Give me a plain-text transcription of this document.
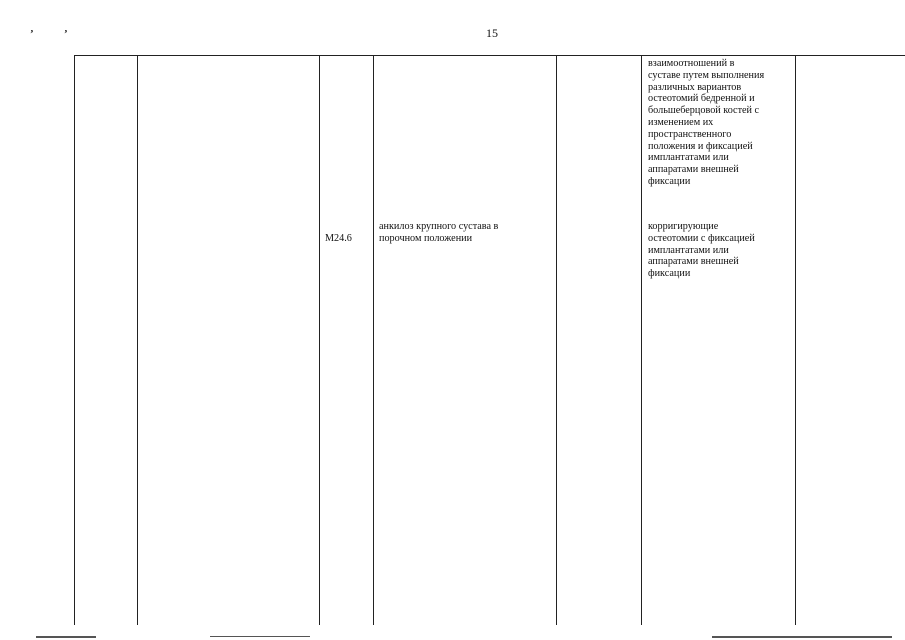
15
ʼ	’
взаимоотношений в
суставе путем выполнения
различных вариантов
остеотомий бедренной и
большеберцовой костей с
изменением их
пространственного
положения и фиксацией
имплантатами или
аппаратами внешней
фиксации
M24.6
анкилоз крупного сустава в
порочном положении
корригирующие
остеотомии с фиксацией
имплантатами или
аппаратами внешней
фиксации
